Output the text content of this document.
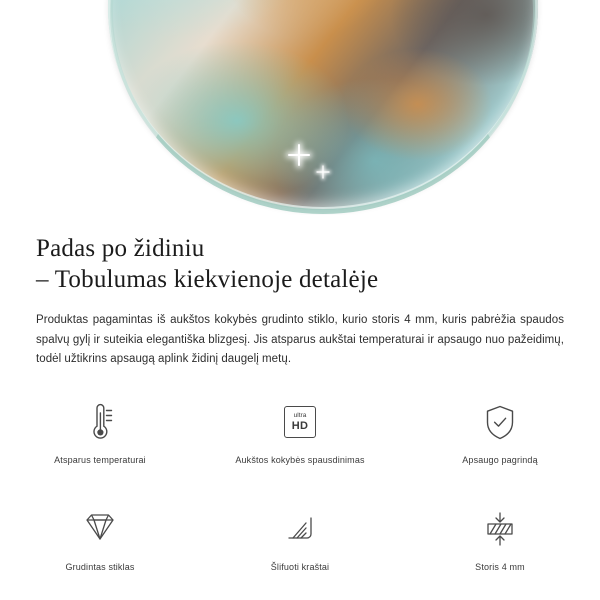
Padas po židiniu
– Tobulumas kiekvienoje detalėje

Produktas pagamintas iš aukštos kokybės grudinto stiklo, kurio storis 4 mm, kuris pabrėžia spaudos spalvų gylį ir suteikia elegantiška blizgesį. Jis atsparus aukštai temperaturai ir apsaugo nuo pažeidimų, todėl užtikrins apsaugą aplink židinį daugelį metų.

Atsparus temperaturai
ultra
HD
Aukštos kokybės spausdinimas	Apsaugo pagrindą
Grudintas stiklas	Šlifuoti kraštai	Storis 4 mm
